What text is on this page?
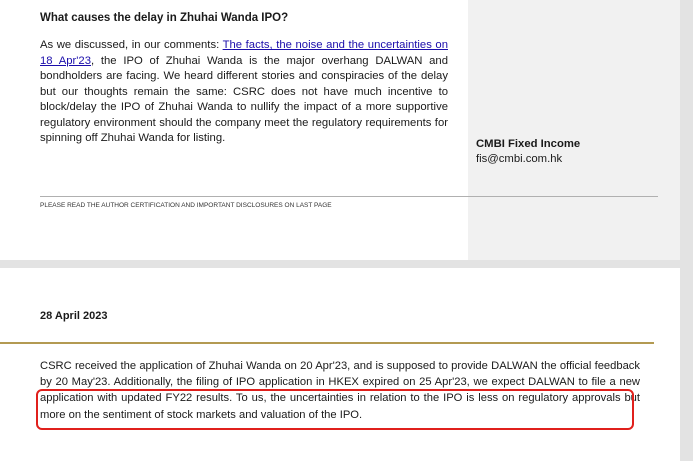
What causes the delay in Zhuhai Wanda IPO?
As we discussed, in our comments: The facts, the noise and the uncertainties on 18 Apr'23, the IPO of Zhuhai Wanda is the major overhang DALWAN and bondholders are facing. We heard different stories and conspiracies of the delay but our thoughts remain the same: CSRC does not have much incentive to block/delay the IPO of Zhuhai Wanda to nullify the impact of a more supportive regulatory environment should the company meet the regulatory requirements for spinning off Zhuhai Wanda for listing.	CMBI Fixed Income
fis@cmbi.com.hk
PLEASE READ THE AUTHOR CERTIFICATION AND IMPORTANT DISCLOSURES ON LAST PAGE
28 April 2023
CSRC received the application of Zhuhai Wanda on 20 Apr'23, and is supposed to provide DALWAN the official feedback by 20 May'23. Additionally, the filing of IPO application in HKEX expired on 25 Apr'23, we expect DALWAN to file a new application with updated FY22 results. To us, the uncertainties in relation to the IPO is less on regulatory approvals but more on the sentiment of stock markets and valuation of the IPO.
